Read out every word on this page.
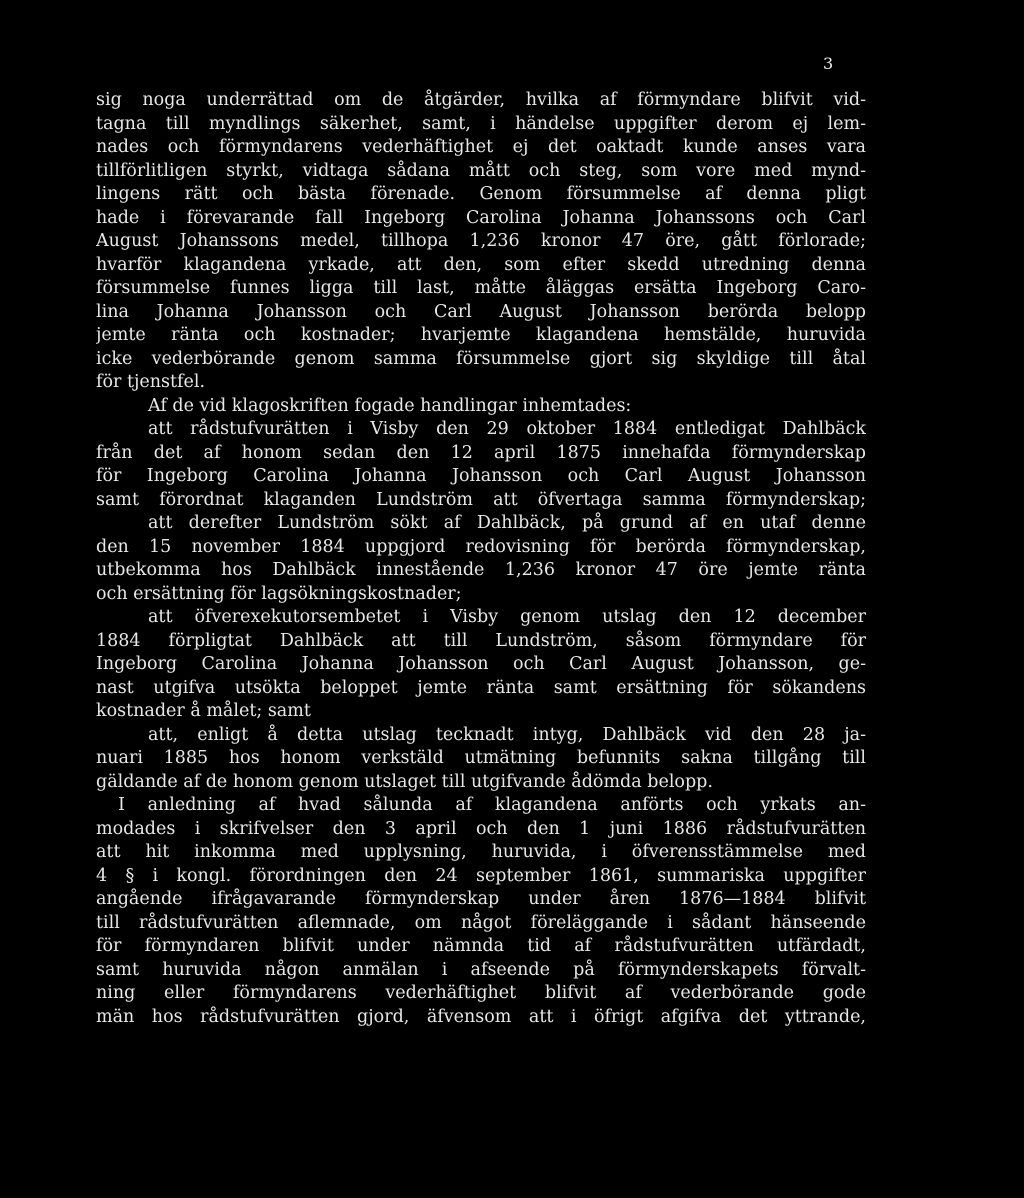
3
sig noga underrättad om de åtgärder, hvilka af förmyndare blifvit vid-
tagna till myndlings säkerhet, samt, i händelse uppgifter derom ej lem-
nades och förmyndarens vederhäftighet ej det oaktadt kunde anses vara
tillförlitligen styrkt, vidtaga sådana mått och steg, som vore med mynd-
lingens rätt och bästa förenade. Genom försummelse af denna pligt
hade i förevarande fall Ingeborg Carolina Johanna Johanssons och Carl
August Johanssons medel, tillhopa 1,236 kronor 47 öre, gått förlorade;
hvarför klagandena yrkade, att den, som efter skedd utredning denna
försummelse funnes ligga till last, måtte åläggas ersätta Ingeborg Caro-
lina Johanna Johansson och Carl August Johansson berörda belopp
jemte ränta och kostnader; hvarjemte klagandena hemstälde, huruvida
icke vederbörande genom samma försummelse gjort sig skyldige till åtal
för tjenstfel.
Af de vid klagoskriften fogade handlingar inhemtades:
att rådstufvurätten i Visby den 29 oktober 1884 entledigat Dahlbäck
från det af honom sedan den 12 april 1875 innehafda förmynderskap
för Ingeborg Carolina Johanna Johansson och Carl August Johansson
samt förordnat klaganden Lundström att öfvertaga samma förmynderskap;
att derefter Lundström sökt af Dahlbäck, på grund af en utaf denne
den 15 november 1884 uppgjord redovisning för berörda förmynderskap,
utbekomma hos Dahlbäck innestående 1,236 kronor 47 öre jemte ränta
och ersättning för lagsökningskostnader;
att öfverexekutorsembetet i Visby genom utslag den 12 december
1884 förpligtat Dahlbäck att till Lundström, såsom förmyndare för
Ingeborg Carolina Johanna Johansson och Carl August Johansson, ge-
nast utgifva utsökta beloppet jemte ränta samt ersättning för sökandens
kostnader å målet; samt
att, enligt å detta utslag tecknadt intyg, Dahlbäck vid den 28 ja-
nuari 1885 hos honom verkstäld utmätning befunnits sakna tillgång till
gäldande af de honom genom utslaget till utgifvande ådömda belopp.
I anledning af hvad sålunda af klagandena anförts och yrkats an-
modades i skrifvelser den 3 april och den 1 juni 1886 rådstufvurätten
att hit inkomma med upplysning, huruvida, i öfverensstämmelse med
4 § i kongl. förordningen den 24 september 1861, summariska uppgifter
angående ifrågavarande förmynderskap under åren 1876—1884 blifvit
till rådstufvurätten aflemnade, om något föreläggande i sådant hänseende
för förmyndaren blifvit under nämnda tid af rådstufvurätten utfärdadt,
samt huruvida någon anmälan i afseende på förmynderskapets förvalt-
ning eller förmyndarens vederhäftighet blifvit af vederbörande gode
män hos rådstufvurätten gjord, äfvensom att i öfrigt afgifva det yttrande,
